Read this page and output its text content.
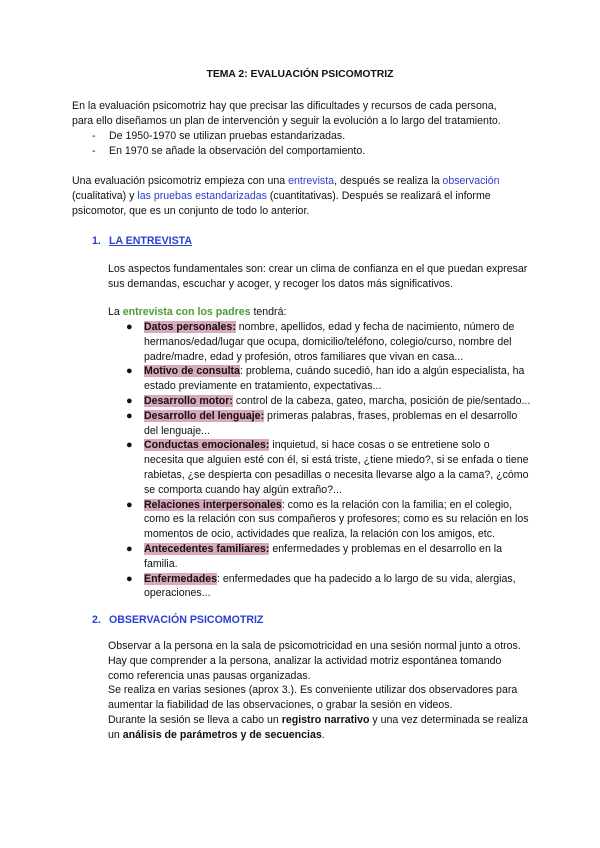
TEMA 2: EVALUACIÓN PSICOMOTRIZ
En la evaluación psicomotriz hay que precisar las dificultades y recursos de cada persona,
para ello diseñamos un plan de intervención y seguir la evolución a lo largo del tratamiento.
- De 1950-1970 se utilizan pruebas estandarizadas.
- En 1970 se añade la observación del comportamiento.
Una evaluación psicomotriz empieza con una entrevista, después se realiza la observación
(cualitativa) y las pruebas estandarizadas (cuantitativas). Después se realizará el informe
psicomotor, que es un conjunto de todo lo anterior.
1. LA ENTREVISTA
Los aspectos fundamentales son: crear un clima de confianza en el que puedan expresar sus demandas, escuchar y acoger, y recoger los datos más significativos.
La entrevista con los padres tendrá:
● Datos personales: nombre, apellidos, edad y fecha de nacimiento, número de hermanos/edad/lugar que ocupa, domicilio/teléfono, colegio/curso, nombre del padre/madre, edad y profesión, otros familiares que vivan en casa...
● Motivo de consulta: problema, cuándo sucedió, han ido a algún especialista, ha estado previamente en tratamiento, expectativas...
● Desarrollo motor: control de la cabeza, gateo, marcha, posición de pie/sentado...
● Desarrollo del lenguaje: primeras palabras, frases, problemas en el desarrollo del lenguaje...
● Conductas emocionales: inquietud, si hace cosas o se entretiene solo o necesita que alguien esté con él, si está triste, ¿tiene miedo?, si se enfada o tiene rabietas, ¿se despierta con pesadillas o necesita llevarse algo a la cama?, ¿cómo se comporta cuando hay algún extraño?...
● Relaciones interpersonales: como es la relación con la familia; en el colegio, como es la relación con sus compañeros y profesores; como es su relación en los momentos de ocio, actividades que realiza, la relación con los amigos, etc.
● Antecedentes familiares: enfermedades y problemas en el desarrollo en la familia.
● Enfermedades: enfermedades que ha padecido a lo largo de su vida, alergias, operaciones...
2. OBSERVACIÓN PSICOMOTRIZ
Observar a la persona en la sala de psicomotricidad en una sesión normal junto a otros. Hay que comprender a la persona, analizar la actividad motriz espontánea tomando como referencia unas pausas organizadas.
Se realiza en varias sesiones (aprox 3.). Es conveniente utilizar dos observadores para aumentar la fiabilidad de las observaciones, o grabar la sesión en videos.
Durante la sesión se lleva a cabo un registro narrativo y una vez determinada se realiza un análisis de parámetros y de secuencias.
